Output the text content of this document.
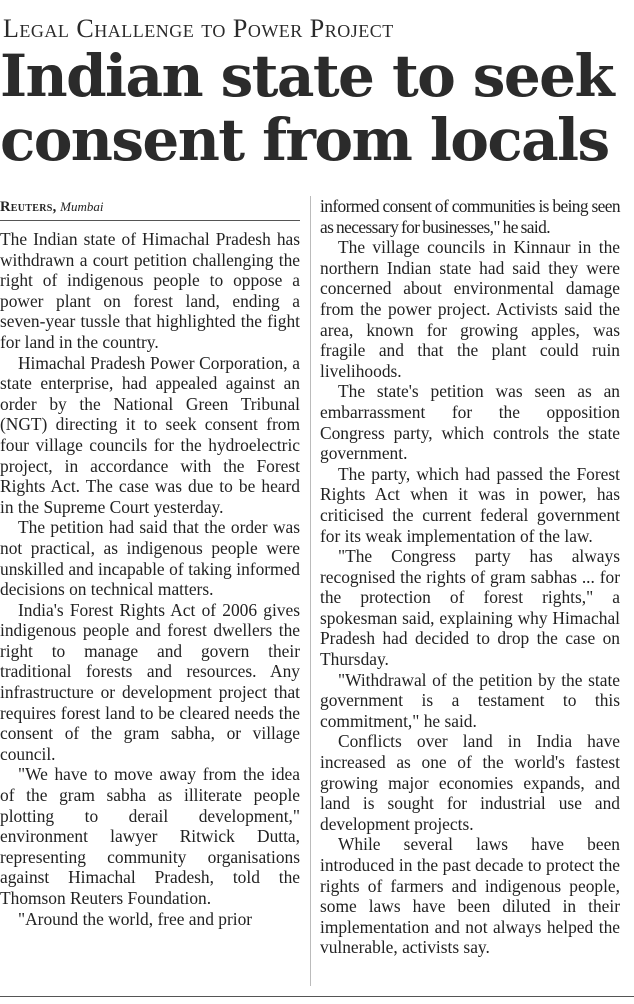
Legal Challenge to Power Project
Indian state to seek
consent from locals
Reuters, Mumbai

The Indian state of Himachal Pradesh has withdrawn a court petition challenging the right of indigenous people to oppose a power plant on forest land, ending a seven-year tussle that highlighted the fight for land in the country.

Himachal Pradesh Power Corporation, a state enterprise, had appealed against an order by the National Green Tribunal (NGT) directing it to seek consent from four village councils for the hydroelectric project, in accordance with the Forest Rights Act. The case was due to be heard in the Supreme Court yesterday.

The petition had said that the order was not practical, as indigenous people were unskilled and incapable of taking informed decisions on technical matters.

India's Forest Rights Act of 2006 gives indigenous people and forest dwellers the right to manage and govern their traditional forests and resources. Any infrastructure or development project that requires forest land to be cleared needs the consent of the gram sabha, or village council.

"We have to move away from the idea of the gram sabha as illiterate people plotting to derail development," environment lawyer Ritwick Dutta, representing community organisations against Himachal Pradesh, told the Thomson Reuters Foundation.

"Around the world, free and prior

informed consent of communities is being seen as necessary for businesses," he said.

The village councils in Kinnaur in the northern Indian state had said they were concerned about environmental damage from the power project. Activists said the area, known for growing apples, was fragile and that the plant could ruin livelihoods.

The state's petition was seen as an embarrassment for the opposition Congress party, which controls the state government.

The party, which had passed the Forest Rights Act when it was in power, has criticised the current federal government for its weak implementation of the law.

"The Congress party has always recognised the rights of gram sabhas ... for the protection of forest rights," a spokesman said, explaining why Himachal Pradesh had decided to drop the case on Thursday.

"Withdrawal of the petition by the state government is a testament to this commitment," he said.

Conflicts over land in India have increased as one of the world's fastest growing major economies expands, and land is sought for industrial use and development projects.

While several laws have been introduced in the past decade to protect the rights of farmers and indigenous people, some laws have been diluted in their implementation and not always helped the vulnerable, activists say.
